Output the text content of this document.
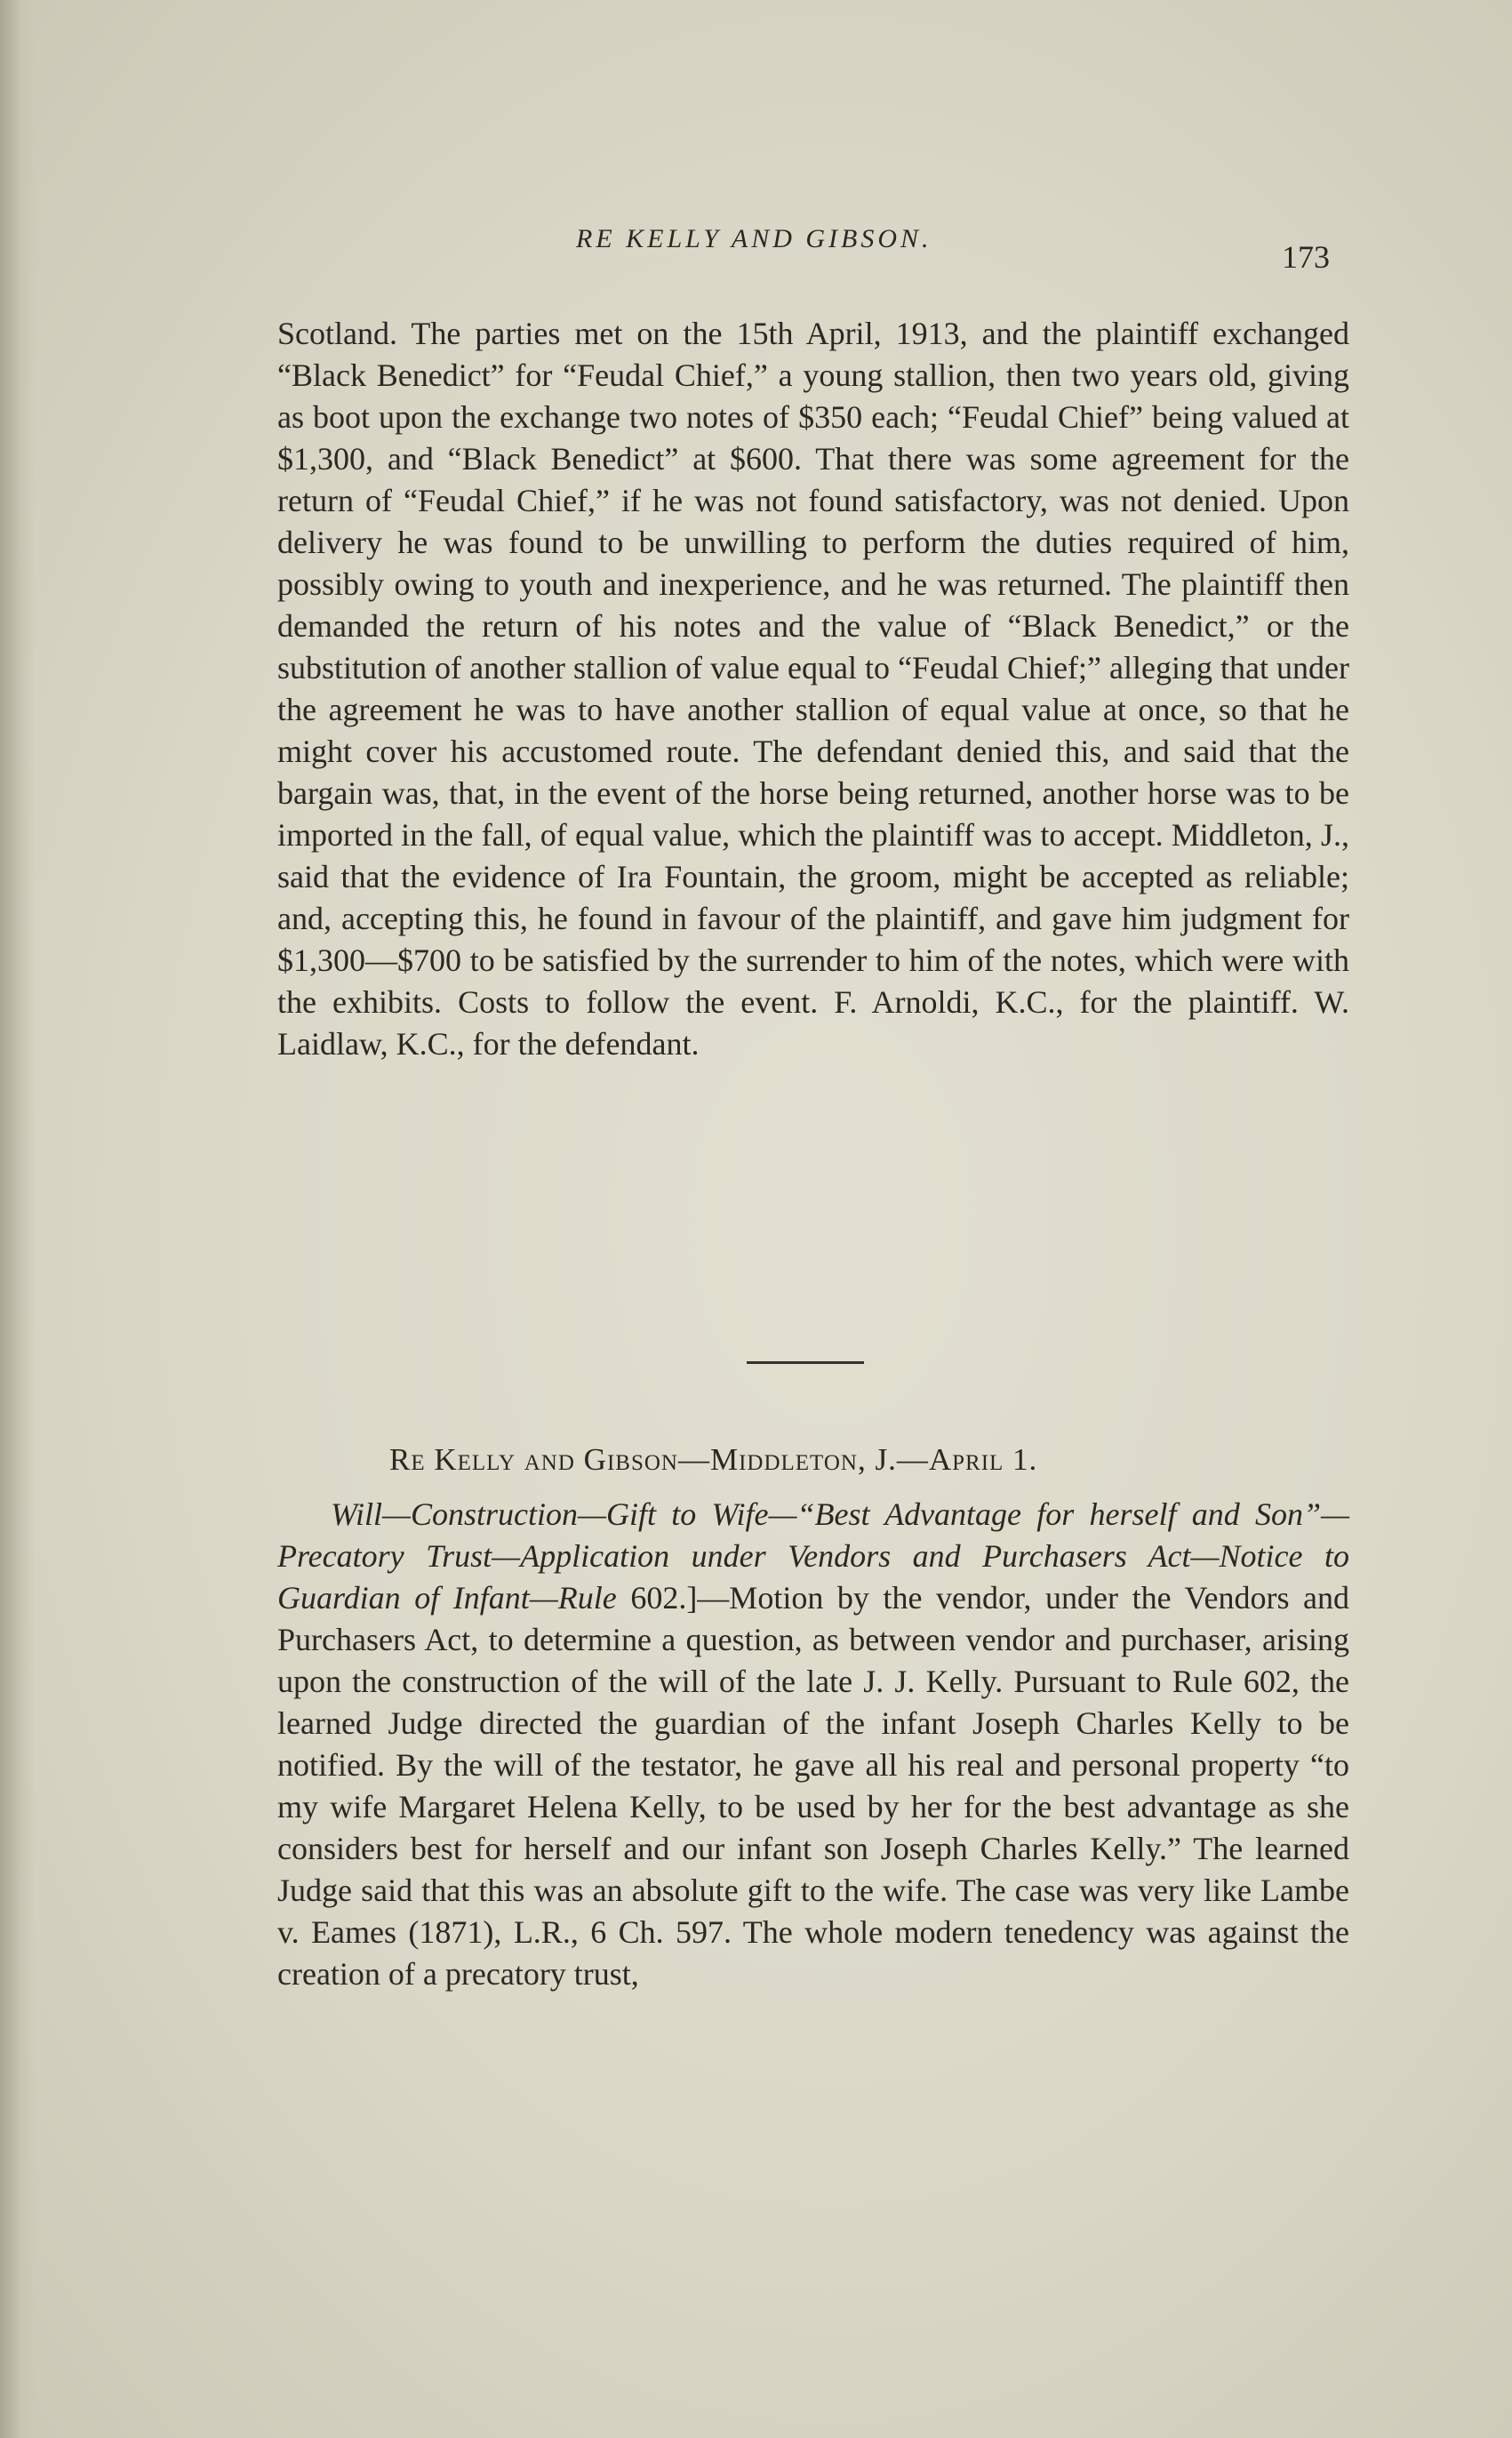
RE KELLY AND GIBSON.
173
Scotland. The parties met on the 15th April, 1913, and the plaintiff exchanged “Black Benedict” for “Feudal Chief,” a young stallion, then two years old, giving as boot upon the exchange two notes of $350 each; “Feudal Chief” being valued at $1,300, and “Black Benedict” at $600. That there was some agreement for the return of “Feudal Chief,” if he was not found satisfactory, was not denied. Upon delivery he was found to be unwilling to perform the duties required of him, possibly owing to youth and inexperience, and he was returned. The plaintiff then demanded the return of his notes and the value of “Black Benedict,” or the substitution of another stallion of value equal to “Feudal Chief;” alleging that under the agreement he was to have another stallion of equal value at once, so that he might cover his accustomed route. The defendant denied this, and said that the bargain was, that, in the event of the horse being returned, another horse was to be imported in the fall, of equal value, which the plaintiff was to accept. Middleton, J., said that the evidence of Ira Fountain, the groom, might be accepted as reliable; and, accepting this, he found in favour of the plaintiff, and gave him judgment for $1,300—$700 to be satisfied by the surrender to him of the notes, which were with the exhibits. Costs to follow the event. F. Arnoldi, K.C., for the plaintiff. W. Laidlaw, K.C., for the defendant.
Re Kelly and Gibson—Middleton, J.—April 1.
Will—Construction—Gift to Wife—“Best Advantage for herself and Son”—Precatory Trust—Application under Vendors and Purchasers Act—Notice to Guardian of Infant—Rule 602.]—Motion by the vendor, under the Vendors and Purchasers Act, to determine a question, as between vendor and purchaser, arising upon the construction of the will of the late J. J. Kelly. Pursuant to Rule 602, the learned Judge directed the guardian of the infant Joseph Charles Kelly to be notified. By the will of the testator, he gave all his real and personal property “to my wife Margaret Helena Kelly, to be used by her for the best advantage as she considers best for herself and our infant son Joseph Charles Kelly.” The learned Judge said that this was an absolute gift to the wife. The case was very like Lambe v. Eames (1871), L.R., 6 Ch. 597. The whole modern tenedency was against the creation of a precatory trust,
